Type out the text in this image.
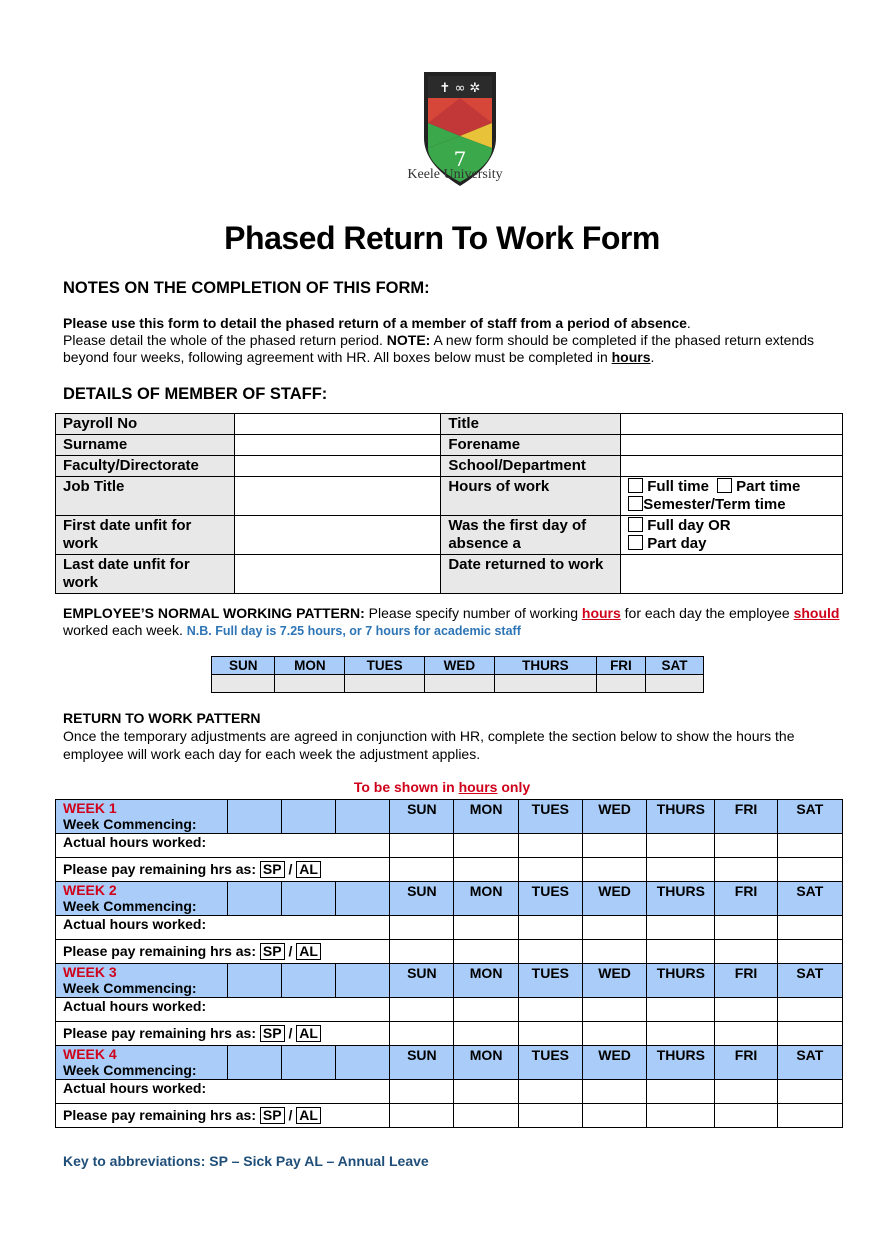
✝ ∞ ✲
7
Keele University
Phased Return To Work Form
NOTES ON THE COMPLETION OF THIS FORM:
Please use this form to detail the phased return of a member of staff from a period of absence.
Please detail the whole of the phased return period. NOTE: A new form should be completed if the phased return extends beyond four weeks, following agreement with HR. All boxes below must be completed in hours.
DETAILS OF MEMBER OF STAFF:
Payroll No		Title	
Surname		Forename	
Faculty/Directorate		School/Department	
Job Title		Hours of work	Full time Part time
Semester/Term time
First date unfit for work		Was the first day of absence a	Full day OR
Part day
Last date unfit for work		Date returned to work	
EMPLOYEE’S NORMAL WORKING PATTERN: Please specify number of working hours for each day the employee should worked each week. N.B. Full day is 7.25 hours, or 7 hours for academic staff
SUN	MON	TUES	WED	THURS	FRI	SAT

RETURN TO WORK PATTERN
Once the temporary adjustments are agreed in conjunction with HR, complete the section below to show the hours the employee will work each day for each week the adjustment applies.
To be shown in hours only
WEEK 1
Week Commencing:				SUN	MON	TUES	WED	THURS	FRI	SAT
Actual hours worked:										
Please pay remaining hrs as: SP / AL										

WEEK 2
Week Commencing:				SUN	MON	TUES	WED	THURS	FRI	SAT
Actual hours worked:										
Please pay remaining hrs as: SP / AL										

WEEK 3
Week Commencing:				SUN	MON	TUES	WED	THURS	FRI	SAT
Actual hours worked:										
Please pay remaining hrs as: SP / AL										

WEEK 4
Week Commencing:				SUN	MON	TUES	WED	THURS	FRI	SAT
Actual hours worked:										
Please pay remaining hrs as: SP / AL										
Key to abbreviations: SP – Sick Pay AL – Annual Leave
